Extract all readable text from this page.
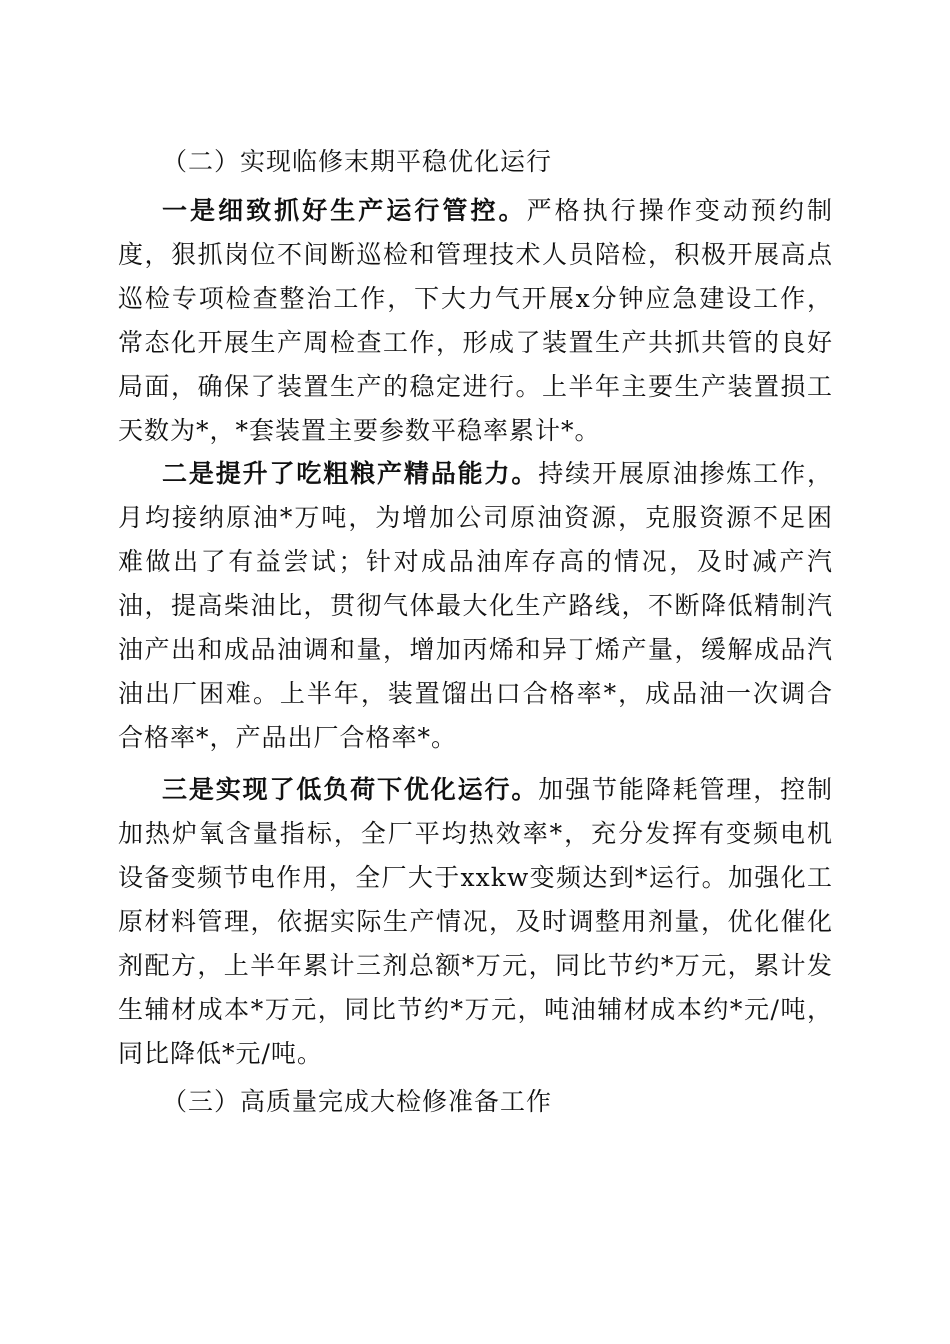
（二）实现临修末期平稳优化运行

一是细致抓好生产运行管控。严格执行操作变动预约制度，狠抓岗位不间断巡检和管理技术人员陪检，积极开展高点巡检专项检查整治工作，下大力气开展x分钟应急建设工作，常态化开展生产周检查工作，形成了装置生产共抓共管的良好局面，确保了装置生产的稳定进行。上半年主要生产装置损工天数为*，*套装置主要参数平稳率累计*。

二是提升了吃粗粮产精品能力。持续开展原油掺炼工作，月均接纳原油*万吨，为增加公司原油资源，克服资源不足困难做出了有益尝试；针对成品油库存高的情况，及时减产汽油，提高柴油比，贯彻气体最大化生产路线，不断降低精制汽油产出和成品油调和量，增加丙烯和异丁烯产量，缓解成品汽油出厂困难。上半年，装置馏出口合格率*，成品油一次调合合格率*，产品出厂合格率*。

三是实现了低负荷下优化运行。加强节能降耗管理，控制加热炉氧含量指标，全厂平均热效率*，充分发挥有变频电机设备变频节电作用，全厂大于xxkw变频达到*运行。加强化工原材料管理，依据实际生产情况，及时调整用剂量，优化催化剂配方，上半年累计三剂总额*万元，同比节约*万元，累计发生辅材成本*万元，同比节约*万元，吨油辅材成本约*元/吨，同比降低*元/吨。

（三）高质量完成大检修准备工作
